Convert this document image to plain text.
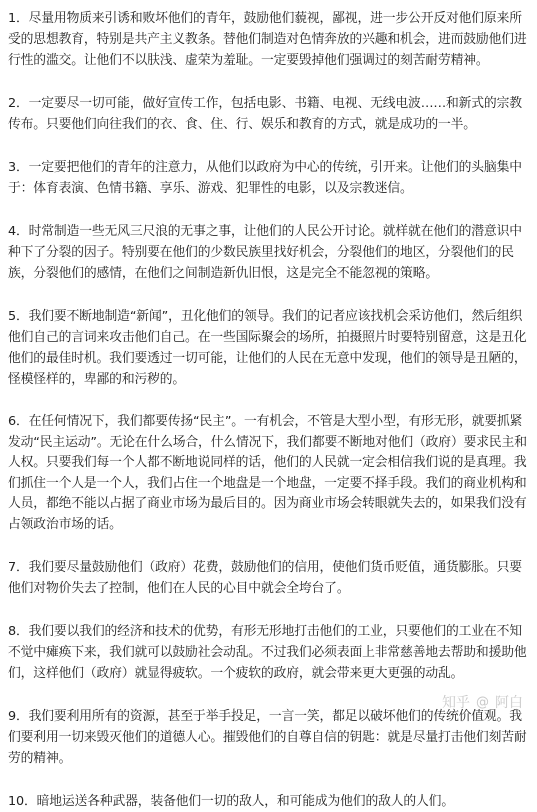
1．尽量用物质来引诱和败坏他们的青年，鼓励他们藐视，鄙视，进一步公开反对他们原来所受的思想教育，特别是共产主义教条。替他们制造对色情奔放的兴趣和机会，进而鼓励他们进行性的滥交。让他们不以肤浅、虚荣为羞耻。一定要毁掉他们强调过的刻苦耐劳精神。

2．一定要尽一切可能，做好宣传工作，包括电影、书籍、电视、无线电波……和新式的宗教传布。只要他们向往我们的衣、食、住、行、娱乐和教育的方式，就是成功的一半。

3．一定要把他们的青年的注意力，从他们以政府为中心的传统，引开来。让他们的头脑集中于：体育表演、色情书籍、享乐、游戏、犯罪性的电影，以及宗教迷信。

4．时常制造一些无风三尺浪的无事之事，让他们的人民公开讨论。就样就在他们的潜意识中种下了分裂的因子。特别要在他们的少数民族里找好机会，分裂他们的地区，分裂他们的民族，分裂他们的感情，在他们之间制造新仇旧恨，这是完全不能忽视的策略。

5．我们要不断地制造“新闻”，丑化他们的领导。我们的记者应该找机会采访他们，然后组织他们自己的言词来攻击他们自己。在一些国际聚会的场所，拍摄照片时要特别留意，这是丑化他们的最佳时机。我们要透过一切可能，让他们的人民在无意中发现，他们的领导是丑陋的，怪模怪样的，卑鄙的和污秽的。

6．在任何情况下，我们都要传扬“民主”。一有机会，不管是大型小型，有形无形，就要抓紧发动“民主运动”。无论在什么场合，什么情况下，我们都要不断地对他们（政府）要求民主和人权。只要我们每一个人都不断地说同样的话，他们的人民就一定会相信我们说的是真理。我们抓住一个人是一个人，我们占住一个地盘是一个地盘，一定要不择手段。我们的商业机构和人员，都绝不能以占据了商业市场为最后目的。因为商业市场会转眼就失去的，如果我们没有占领政治市场的话。

7．我们要尽量鼓励他们（政府）花费，鼓励他们的信用，使他们货币贬值，通货膨胀。只要他们对物价失去了控制，他们在人民的心目中就会全垮台了。

8．我们要以我们的经济和技术的优势，有形无形地打击他们的工业，只要他们的工业在不知不觉中瘫痪下来，我们就可以鼓励社会动乱。不过我们必须表面上非常慈善地去帮助和援助他们，这样他们（政府）就显得疲软。一个疲软的政府，就会带来更大更强的动乱。

9．我们要利用所有的资源，甚至于举手投足，一言一笑，都足以破坏他们的传统价值观。我们要利用一切来毁灭他们的道德人心。摧毁他们的自尊自信的钥匙：就是尽量打击他们刻苦耐劳的精神。

10．暗地运送各种武器，装备他们一切的敌人，和可能成为他们的敌人的人们。

知乎 @ 阿白
